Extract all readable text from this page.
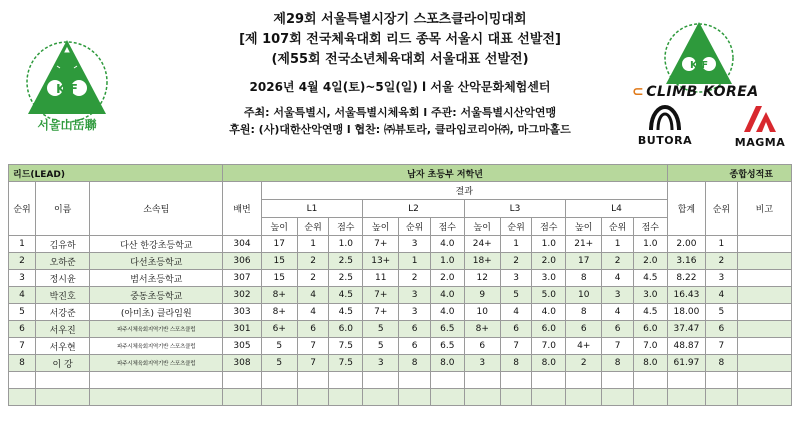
K F
서울山岳聯
제29회 서울특별시장기 스포츠클라이밍대회
[제 107회 전국체육대회 리드 종목 서울시 대표 선발전]
(제55회 전국소년체육대회 서울대표 선발전)
2026년 4월 4일(토)~5일(일) l 서울 산악문화체험센터
주최: 서울특별시, 서울특별시체육회 l 주관: 서울특별시산악연맹
후원: (사)대한산악연맹 l 협찬: ㈜뷰토라, 클라임코리아㈜, 마그마홀드
K F
⊂ CLIMB KOREA
BUTORA	MAGMA
리드(LEAD)			남자 초등부 저학년													종합성적표		
순위	이름	소속팀	배번	결과												합계	순위	비고
				L1			L2			L3			L4					
				높이	순위	점수	높이	순위	점수	높이	순위	점수	높이	순위	점수			
1	김유하	다산 한강초등학교	304	17	1	1.0	7+	3	4.0	24+	1	1.0	21+	1	1.0	2.00	1	
2	오하준	다선초등학교	306	15	2	2.5	13+	1	1.0	18+	2	2.0	17	2	2.0	3.16	2	
3	정시윤	범서초등학교	307	15	2	2.5	11	2	2.0	12	3	3.0	8	4	4.5	8.22	3	
4	박진호	중동초등학교	302	8+	4	4.5	7+	3	4.0	9	5	5.0	10	3	3.0	16.43	4	
5	서강준	(아미초) 클라임원	303	8+	4	4.5	7+	3	4.0	10	4	4.0	8	4	4.5	18.00	5	
6	서우진	파주시체육회지역기반 스포츠클럽	301	6+	6	6.0	5	6	6.5	8+	6	6.0	6	6	6.0	37.47	6	
7	서우현	파주시체육회지역기반 스포츠클럽	305	5	7	7.5	5	6	6.5	6	7	7.0	4+	7	7.0	48.87	7	
8	이 강	파주시체육회지역기반 스포츠클럽	308	5	7	7.5	3	8	8.0	3	8	8.0	2	8	8.0	61.97	8	
